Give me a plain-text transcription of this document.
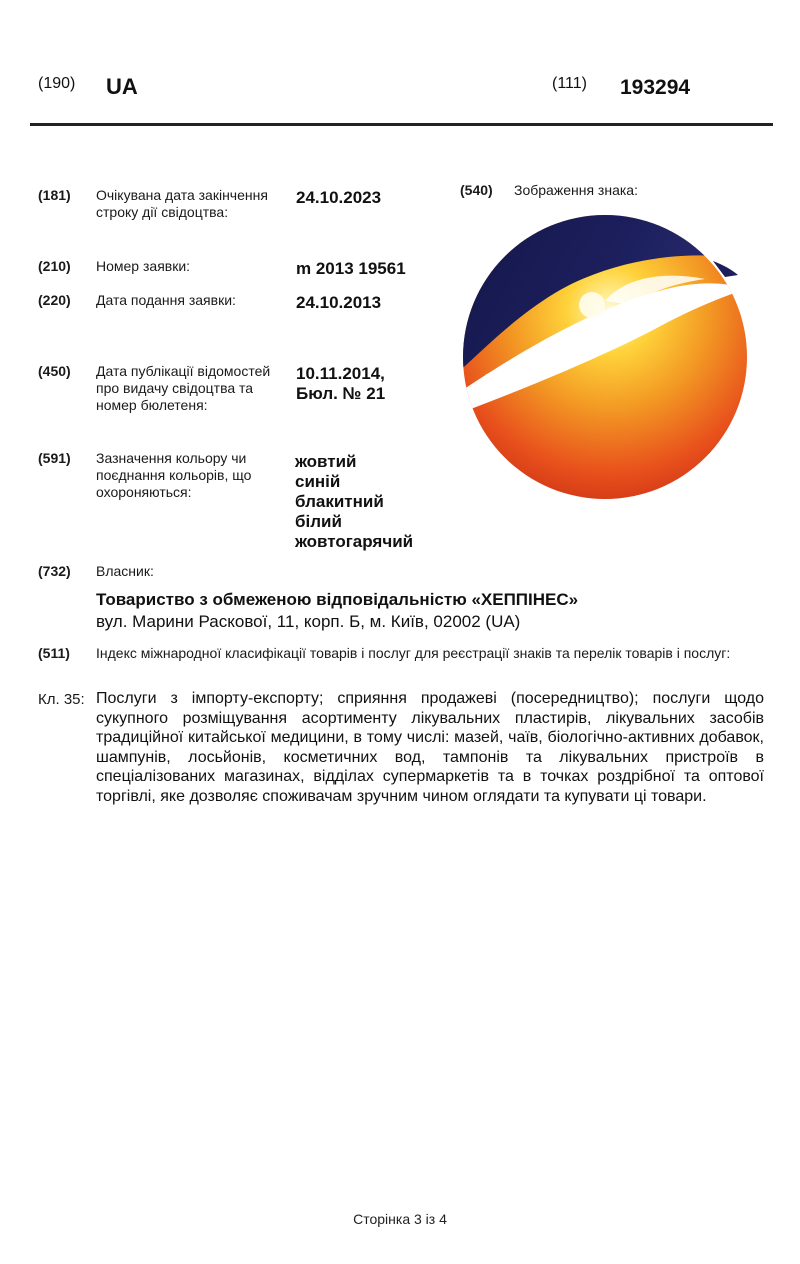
(190) UA	(111) 193294
(181) Очікувана дата закінчення строку дії свідоцтва:
24.10.2023
(210) Номер заявки:	m 2013 19561
(220) Дата подання заявки:	24.10.2013
(450) Дата публікації відомостей про видачу свідоцтва та номер бюлетеня:
10.11.2014,
Бюл. № 21
(591) Зазначення кольору чи поєднання кольорів, що охороняються:
жовтий
синій
блакитний
білий
жовтогарячий
(540) Зображення знака:
(732) Власник:
Товариство з обмеженою відповідальністю «ХЕППІНЕС»
вул. Марини Раскової, 11, корп. Б, м. Київ, 02002 (UA)
(511) Індекс міжнародної класифікації товарів і послуг для реєстрації знаків та перелік товарів і послуг:
Кл. 35: Послуги з імпорту-експорту; сприяння продажеві (посередництво); послуги щодо сукупного розміщування асортименту лікувальних пластирів, лікувальних засобів традиційної китайської медицини, в тому числі: мазей, чаїв, біологічно-активних добавок, шампунів, лосьйонів, косметичних вод, тампонів та лікувальних пристроїв в спеціалізованих магазинах, відділах супермаркетів та в точках роздрібної та оптової торгівлі, яке дозволяє споживачам зручним чином оглядати та купувати ці товари.
Сторінка 3 із 4
